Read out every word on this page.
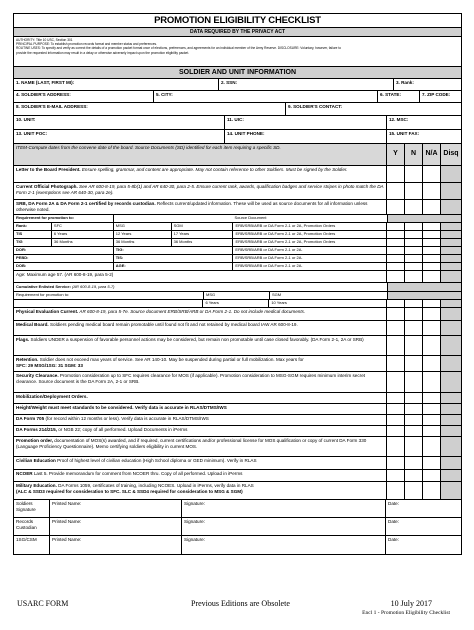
PROMOTION ELIGIBILITY CHECKLIST
DATA REQUIRED BY THE PRIVACY ACT
AUTHORITY: Title 10 USC, Section 301
PRINCIPAL PURPOSE: To establish promotion records format and member status and preferences.
ROUTINE USES: To specify and verify as correct the details of a promotion packet format once of elections, preferences, and agreements for an individual member of the Army Reserve. DISCLOSURE: Voluntary, however, failure to
provide the requested information may result in a delay or otherwise adversely impact upon the promotion eligibility packet.
SOLDIER AND UNIT INFORMATION
1. NAME (LAST, FIRST MI):	2. SSN:	3. Rank:
4. SOLDIER'S ADDRESS:	5. CITY:	6. STATE:	7. ZIP CODE:
8. SOLDIER'S E-MAIL ADDRESS:	9. SOLDIER'S CONTACT:
10. UNIT:	11. UIC:	12. MSC:
13. UNIT POC:	14. UNIT PHONE:	15. UNIT FAX:
ITEM-Compute dates from the convene date of the board. Source Documents (SD) identified for each item requiring a specific SD.
Y	N	N/A Disq
Letter to the Board President. Ensure spelling, grammar, and content are appropriate. May not contain reference to other Soldiers. Must be signed by the Soldier.
Current Official Photograph. See AR 600-8-19, para 5-8b(1) and AR 640-30, para 2-5. Ensure current rank, awards, qualification badges and service stripes in photo match the DA Form 2-1 (exemptions see AR 640-30, para 2e).
SRB, DA Form 2A & DA Form 2-1 certified by records custodian. Reflects current/updated information. These will be used as source documents for all information unless otherwise noted.
Requirement for promotion to:	Source Document
Rank:	SFC	MSG	SGM	ERB/SRB/ARB or DA Form 2-1 or 2A, Promotion Orders
TIS	6 Years	12 Years	17 Years	ERB/SRB/ARB or DA Form 2-1 or 2A, Promotion Orders
TIG	36 Months	36 Months	36 Months	ERB/SRB/ARB or DA Form 2-1 or 2A, Promotion Orders
DOR:	TIG:	ERB/SRB/ARB or DA Form 2-1 or 2A.
PEBD:	TIS:	ERB/SRB/ARB or DA Form 2-1 or 2A.
DOB:	AGE:	ERB/SRB/ARB or DA Form 2-1 or 2A.
Age: Maximum age 57. (AR 600-8-19, para 5-2)
Cumulative Enlisted Service: (AR 600-8-19, para 5-7)
Requirement for promotion to:	MSG	SGM
6 Years	10 Years
Physical Evaluation Current. AR 600-8-19, para 5-7e. Source document ERB/SRB/ARB or DA Form 2-1. Do not include medical documents.
Medical Board. Soldiers pending medical board remain promotable until found not fit and not retained by medical board IAW AR 600-8-19.
Flags. Soldiers UNDER a suspension of favorable personnel actions may be considered, but remain non promotable until case closed favorably. (DA Form 2-1, 2A or SRB)
Retention. Soldier does not exceed max years of service. See AR 140-10. May be suspended during partial or full mobilization. Max years for
SFC: 29 MSG/1SG: 31 SGM: 33
Security Clearance. Promotion consideration up to SFC requires clearance for MOS (if applicable). Promotion consideration to MSG-SGM requires minimum interim secret clearance. Source document is the DA Form 2A, 2-1 or SRB.
Mobilization/Deployment Orders.
Height/Weight must meet standards to be considered. Verify data is accurate in RLAS/DTMS/IWS
DA Form 705 (for record within 12 months or less). Verify data is accurate in RLAS/DTMS/IWS
DA Forms 214/215, or NGB 22; copy of all performed. Upload Documents in iPerms
Promotion order, documentation of MOS(s) awarded, and if required, current certifications and/or professional license for MOS qualification or copy of current DA Form 330 (Language Proficiency Questionnaire). Memo certifying soldiers eligibility in current MOS.
Civilian Education Proof of highest level of civilian education (High School diploma or GED minimum). Verify in RLAS
NCOER Last 5. Provide memorandum for comment from NCOER thru. Copy of all performed. Upload in iPerms
Military Education. DA Forms 1059, certificates of training, including NCOES. Upload in iPerms, verify data in RLAS
(ALC & SSD3 required for consideration to SFC. SLC & SSD4 required for consideration to MSG & SGM)
Soldiers Signature
Printed Name:	Signature:	Date:
Records Custodian
Printed Name:	Signature:	Date:
1SG/CSM	Printed Name:	Signature:	Date:
USARC FORM	Previous Editions are Obsolete	10 July 2017
Encl 1 - Promotion Eligibility Checklist
